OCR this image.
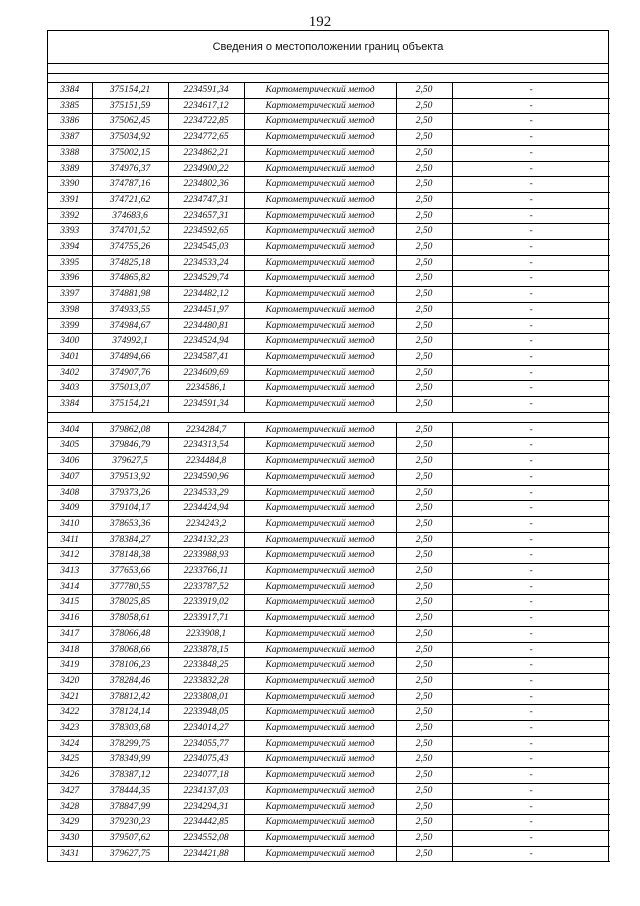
192
Сведения о местоположении границ объекта
3384	375154,21	2234591,34	Картометрический метод	2,50	-
3385	375151,59	2234617,12	Картометрический метод	2,50	-
3386	375062,45	2234722,85	Картометрический метод	2,50	-
3387	375034,92	2234772,65	Картометрический метод	2,50	-
3388	375002,15	2234862,21	Картометрический метод	2,50	-
3389	374976,37	2234900,22	Картометрический метод	2,50	-
3390	374787,16	2234802,36	Картометрический метод	2,50	-
3391	374721,62	2234747,31	Картометрический метод	2,50	-
3392	374683,6	2234657,31	Картометрический метод	2,50	-
3393	374701,52	2234592,65	Картометрический метод	2,50	-
3394	374755,26	2234545,03	Картометрический метод	2,50	-
3395	374825,18	2234533,24	Картометрический метод	2,50	-
3396	374865,82	2234529,74	Картометрический метод	2,50	-
3397	374881,98	2234482,12	Картометрический метод	2,50	-
3398	374933,55	2234451,97	Картометрический метод	2,50	-
3399	374984,67	2234480,81	Картометрический метод	2,50	-
3400	374992,1	2234524,94	Картометрический метод	2,50	-
3401	374894,66	2234587,41	Картометрический метод	2,50	-
3402	374907,76	2234609,69	Картометрический метод	2,50	-
3403	375013,07	2234586,1	Картометрический метод	2,50	-
3384	375154,21	2234591,34	Картометрический метод	2,50	-
3404	379862,08	2234284,7	Картометрический метод	2,50	-
3405	379846,79	2234313,54	Картометрический метод	2,50	-
3406	379627,5	2234484,8	Картометрический метод	2,50	-
3407	379513,92	2234590,96	Картометрический метод	2,50	-
3408	379373,26	2234533,29	Картометрический метод	2,50	-
3409	379104,17	2234424,94	Картометрический метод	2,50	-
3410	378653,36	2234243,2	Картометрический метод	2,50	-
3411	378384,27	2234132,23	Картометрический метод	2,50	-
3412	378148,38	2233988,93	Картометрический метод	2,50	-
3413	377653,66	2233766,11	Картометрический метод	2,50	-
3414	377780,55	2233787,52	Картометрический метод	2,50	-
3415	378025,85	2233919,02	Картометрический метод	2,50	-
3416	378058,61	2233917,71	Картометрический метод	2,50	-
3417	378066,48	2233908,1	Картометрический метод	2,50	-
3418	378068,66	2233878,15	Картометрический метод	2,50	-
3419	378106,23	2233848,25	Картометрический метод	2,50	-
3420	378284,46	2233832,28	Картометрический метод	2,50	-
3421	378812,42	2233808,01	Картометрический метод	2,50	-
3422	378124,14	2233948,05	Картометрический метод	2,50	-
3423	378303,68	2234014,27	Картометрический метод	2,50	-
3424	378299,75	2234055,77	Картометрический метод	2,50	-
3425	378349,99	2234075,43	Картометрический метод	2,50	-
3426	378387,12	2234077,18	Картометрический метод	2,50	-
3427	378444,35	2234137,03	Картометрический метод	2,50	-
3428	378847,99	2234294,31	Картометрический метод	2,50	-
3429	379230,23	2234442,85	Картометрический метод	2,50	-
3430	379507,62	2234552,08	Картометрический метод	2,50	-
3431	379627,75	2234421,88	Картометрический метод	2,50	-
